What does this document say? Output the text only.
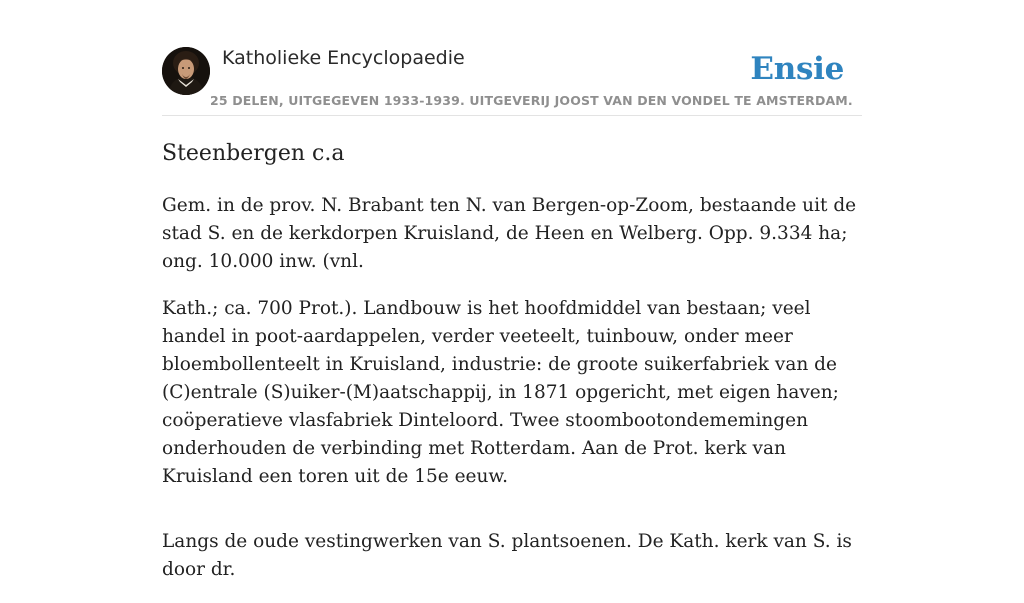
Katholieke Encyclopaedie
25 DELEN, UITGEGEVEN 1933-1939. UITGEVERIJ JOOST VAN DEN VONDEL TE AMSTERDAM.
Ensie
Steenbergen c.a

Gem. in de prov. N. Brabant ten N. van Bergen-op-Zoom, bestaande uit de stad S. en de kerkdorpen Kruisland, de Heen en Welberg. Opp. 9.334 ha; ong. 10.000 inw. (vnl.

Kath.; ca. 700 Prot.). Landbouw is het hoofdmiddel van bestaan; veel handel in poot-aardappelen, verder veeteelt, tuinbouw, onder meer bloembollenteelt in Kruisland, industrie: de groote suikerfabriek van de (C)entrale (S)uiker-(M)aatschappij, in 1871 opgericht, met eigen haven; coöperatieve vlasfabriek Dinteloord. Twee stoombootondememingen onderhouden de verbinding met Rotterdam. Aan de Prot. kerk van Kruisland een toren uit de 15e eeuw.

Langs de oude vestingwerken van S. plantsoenen. De Kath. kerk van S. is door dr.
